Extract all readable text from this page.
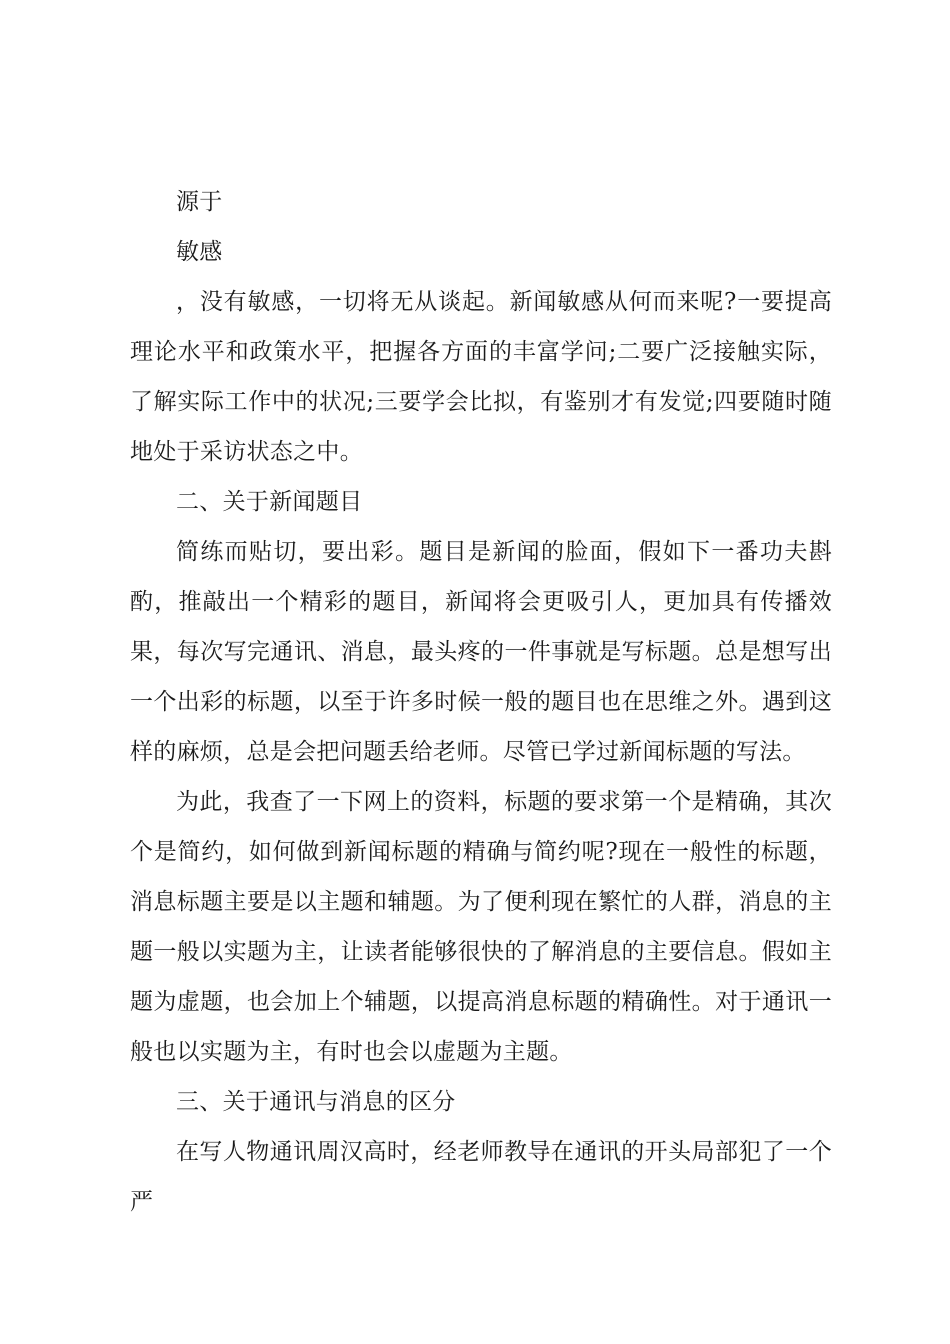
源于

敏感

，没有敏感，一切将无从谈起。新闻敏感从何而来呢?一要提高理论水平和政策水平，把握各方面的丰富学问;二要广泛接触实际，了解实际工作中的状况;三要学会比拟，有鉴别才有发觉;四要随时随地处于采访状态之中。

二、关于新闻题目

简练而贴切，要出彩。题目是新闻的脸面，假如下一番功夫斟酌，推敲出一个精彩的题目，新闻将会更吸引人，更加具有传播效果，每次写完通讯、消息，最头疼的一件事就是写标题。总是想写出一个出彩的标题，以至于许多时候一般的题目也在思维之外。遇到这样的麻烦，总是会把问题丢给老师。尽管已学过新闻标题的写法。

为此，我查了一下网上的资料，标题的要求第一个是精确，其次个是简约，如何做到新闻标题的精确与简约呢?现在一般性的标题，消息标题主要是以主题和辅题。为了便利现在繁忙的人群，消息的主题一般以实题为主，让读者能够很快的了解消息的主要信息。假如主题为虚题，也会加上个辅题，以提高消息标题的精确性。对于通讯一般也以实题为主，有时也会以虚题为主题。

三、关于通讯与消息的区分

在写人物通讯周汉高时，经老师教导在通讯的开头局部犯了一个严
